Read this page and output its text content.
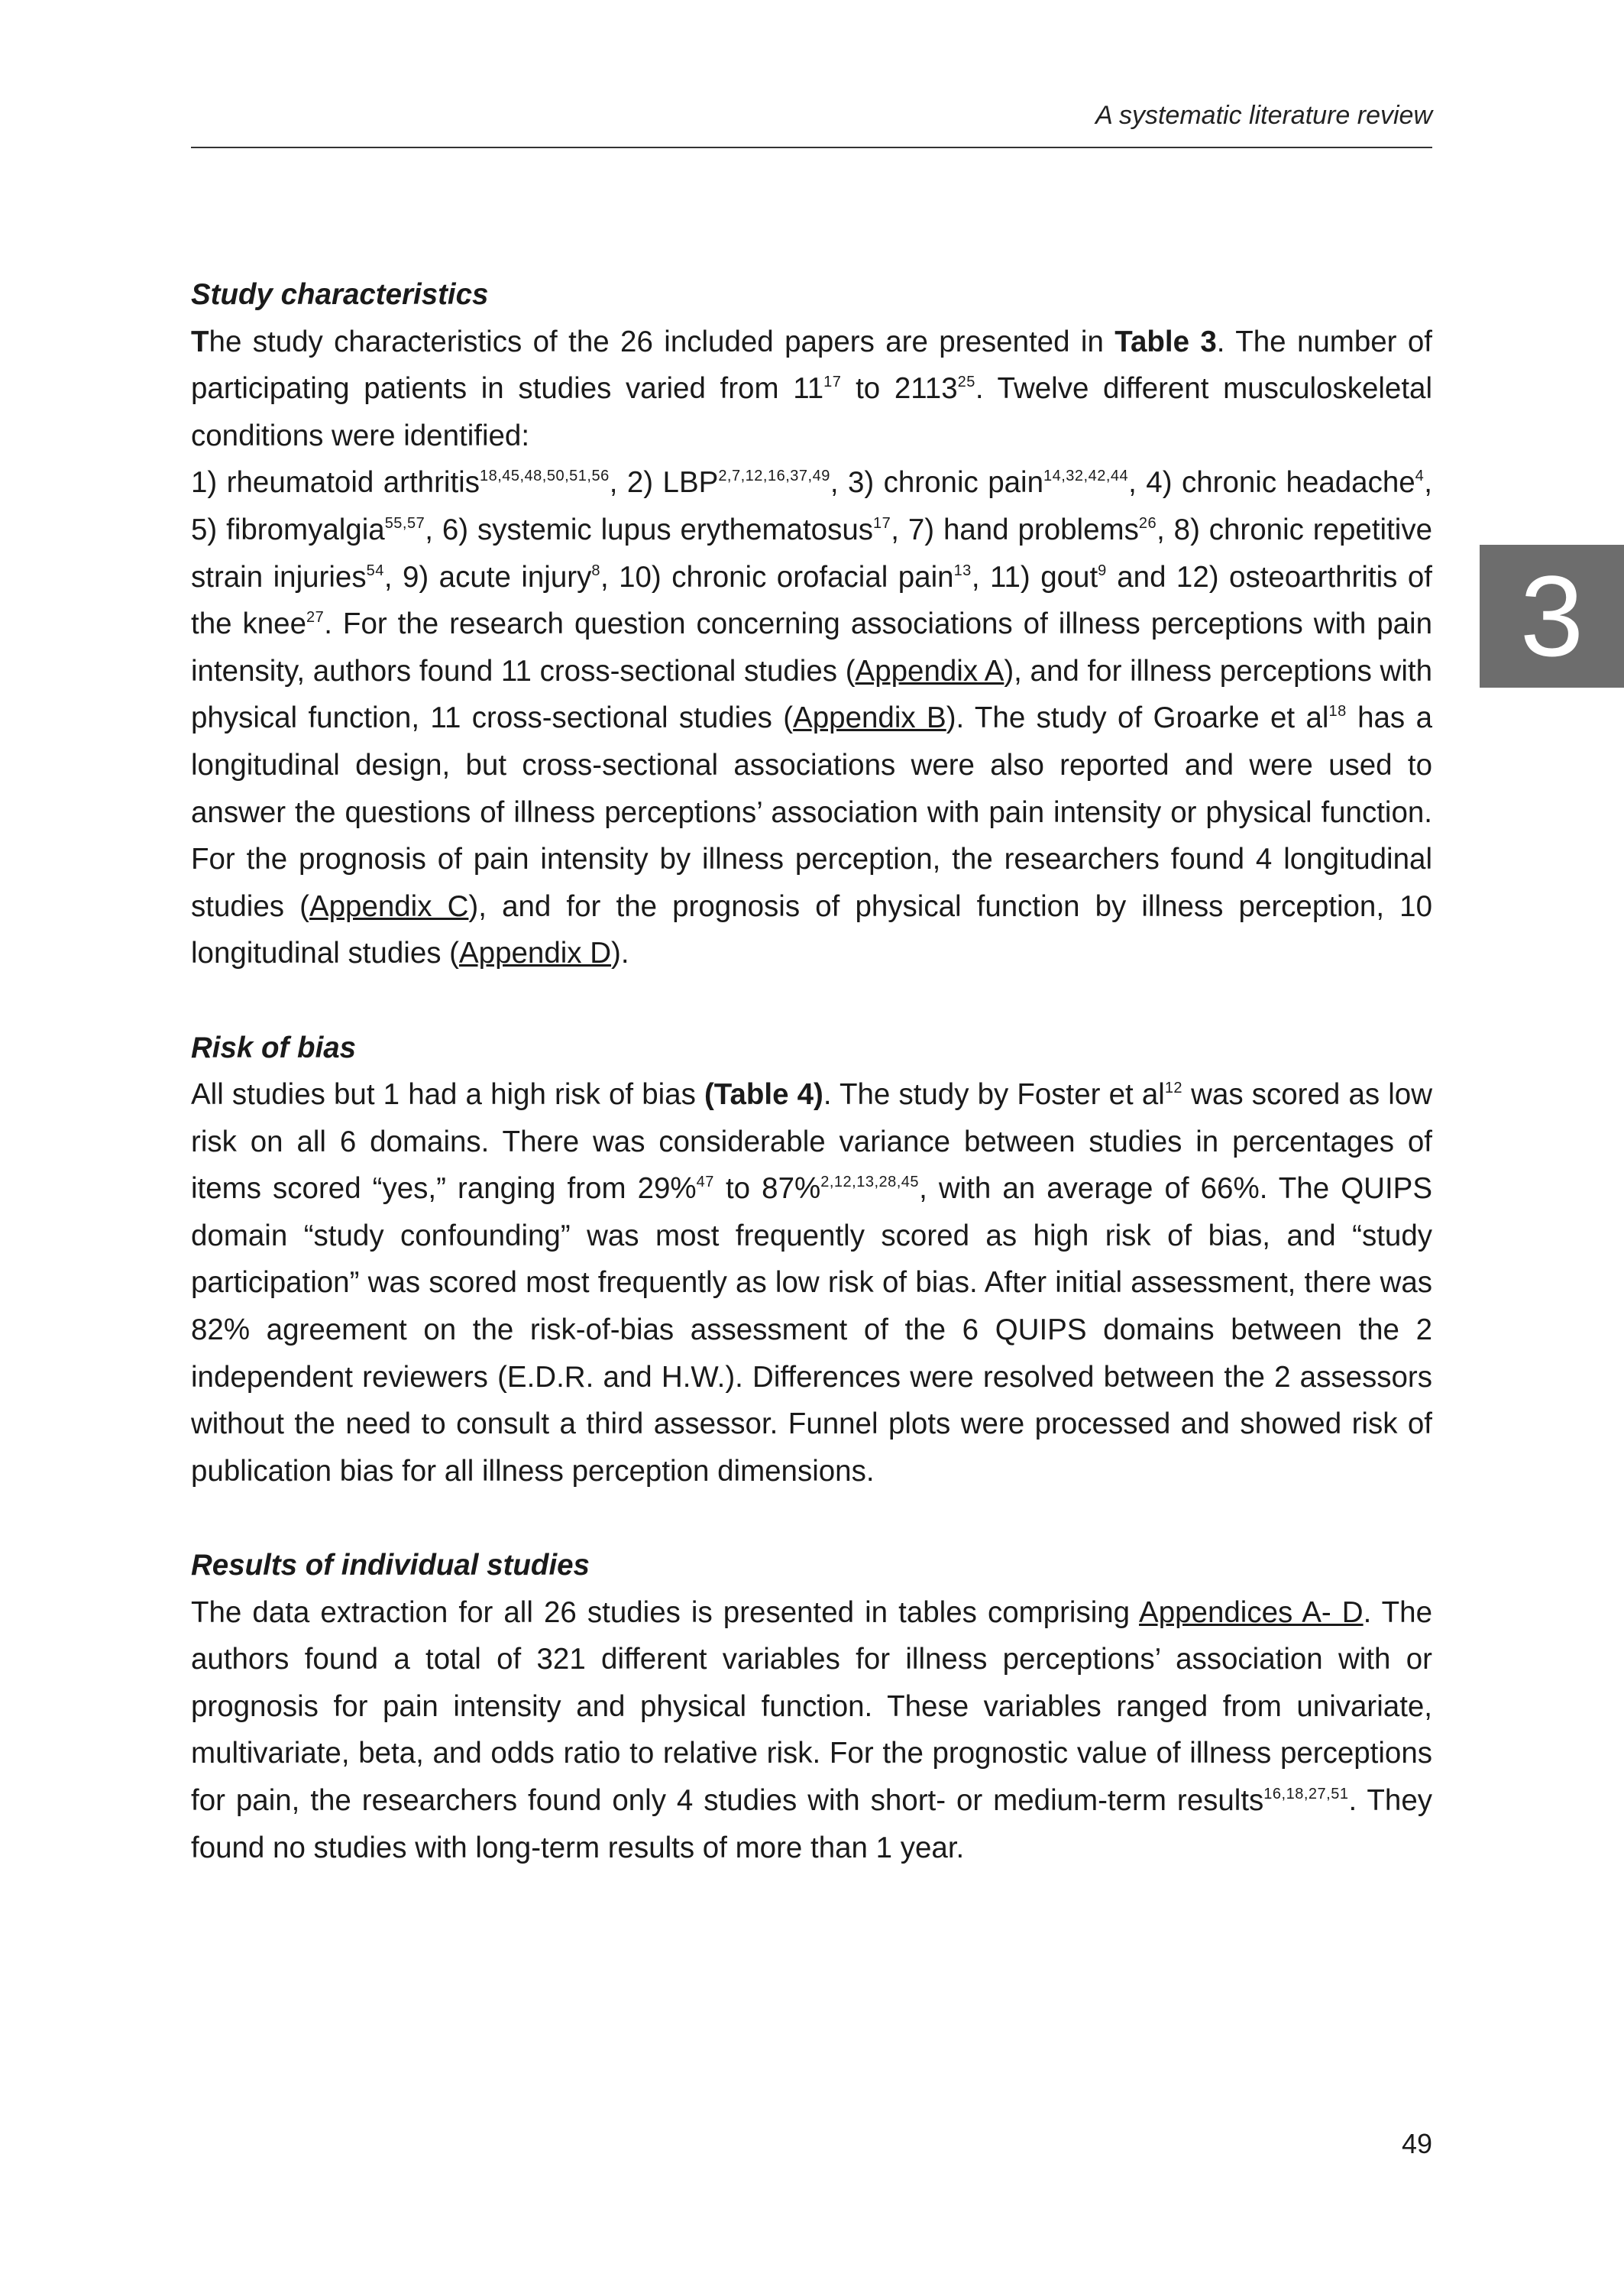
A systematic literature review
3

Study characteristics

The study characteristics of the 26 included papers are presented in Table 3. The number of participating patients in studies varied from $11^{17}$ to 2113$^{25}$. Twelve different musculoskeletal conditions were identified:

1) rheumatoid arthritis$^{18,45,48,50,51,56}$, 2) LBP$^{2,7,12,16,37,49}$, 3) chronic pain$^{14,32,42,44}$, 4) chronic headache$^4$, 5) fibromyalgia$^{55,57}$, 6) systemic lupus erythematosus$^{17}$, 7) hand problems$^{26}$, 8) chronic repetitive strain injuries$^{54}$, 9) acute injury$^8$, 10) chronic orofacial pain$^{13}$, 11) gout$^9$ and 12) osteoarthritis of the knee$^{27}$. For the research question concerning associations of illness perceptions with pain intensity, authors found 11 cross-sectional studies (Appendix A), and for illness perceptions with physical function, 11 cross-sectional studies (Appendix B). The study of Groarke et $al^{18}$ has a longitudinal design, but cross-sectional associations were also reported and were used to answer the questions of illness perceptions’ association with pain intensity or physical function. For the prognosis of pain intensity by illness perception, the researchers found 4 longitudinal studies (Appendix C), and for the prognosis of physical function by illness perception, 10 longitudinal studies (Appendix D).

Risk of bias

All studies but 1 had a high risk of bias (Table 4). The study by Foster et $al^{12}$ was scored as low risk on all 6 domains. There was considerable variance between studies in percentages of items scored “yes,” ranging from 29%$^{47}$ to 87%$^{2,12,13,28,45}$, with an average of 66%. The QUIPS domain “study confounding” was most frequently scored as high risk of bias, and “study participation” was scored most frequently as low risk of bias. After initial assessment, there was 82% agreement on the risk-of-bias assessment of the 6 QUIPS domains between the 2 independent reviewers (E.D.R. and H.W.). Differences were resolved between the 2 assessors without the need to consult a third assessor. Funnel plots were processed and showed risk of publication bias for all illness perception dimensions.

Results of individual studies

The data extraction for all 26 studies is presented in tables comprising Appendices A- D. The authors found a total of 321 different variables for illness perceptions’ association with or prognosis for pain intensity and physical function. These variables ranged from univariate, multivariate, beta, and odds ratio to relative risk. For the prognostic value of illness perceptions for pain, the researchers found only 4 studies with short- or medium-term results$^{16,18,27,51}$. They found no studies with long-term results of more than 1 year.

49
